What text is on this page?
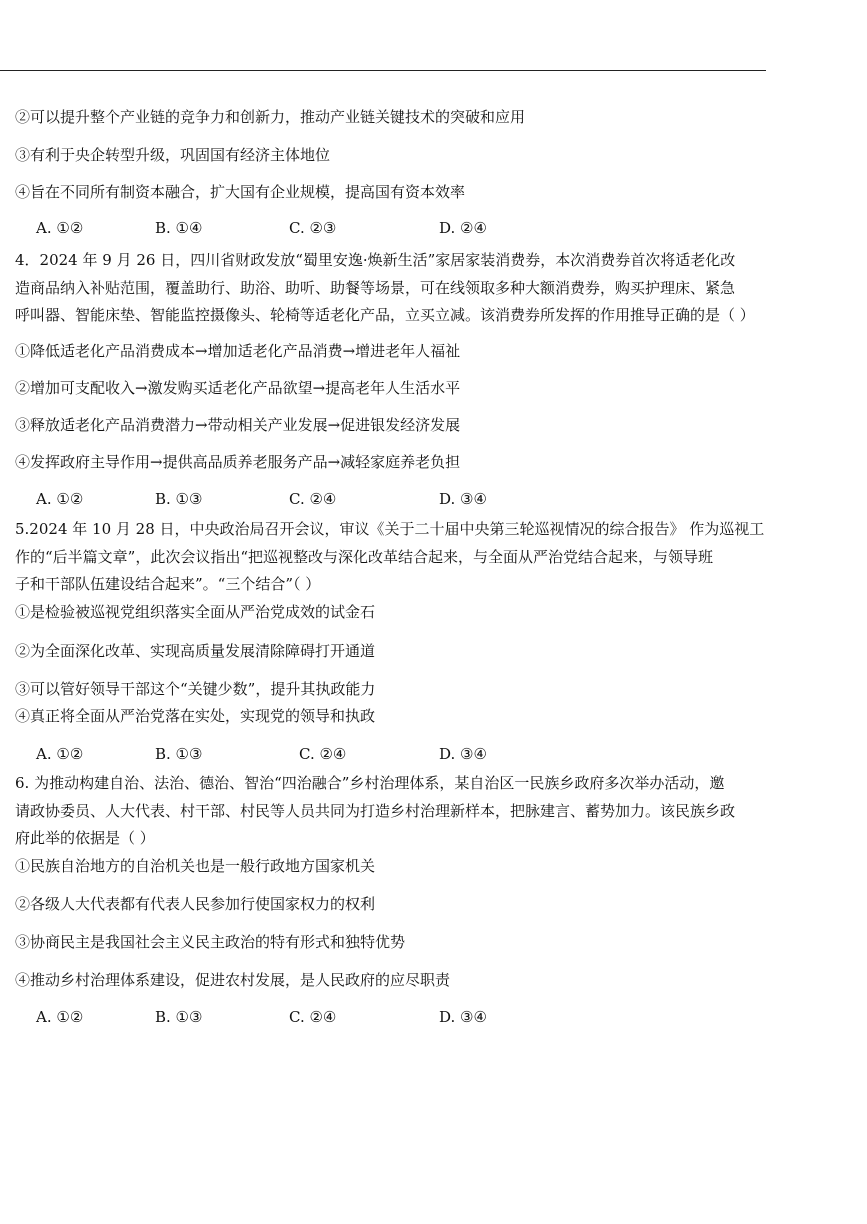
②可以提升整个产业链的竞争力和创新力，推动产业链关键技术的突破和应用
③有利于央企转型升级，巩固国有经济主体地位
④旨在不同所有制资本融合，扩大国有企业规模，提高国有资本效率
A. ①②	B. ①④	C. ②③	D. ②④
4．2024 年 9 月 26 日，四川省财政发放“蜀里安逸·焕新生活”家居家装消费券，本次消费券首次将适老化改
造商品纳入补贴范围，覆盖助行、助浴、助听、助餐等场景，可在线领取多种大额消费券，购买护理床、紧急
呼叫器、智能床垫、智能监控摄像头、轮椅等适老化产品，立买立减。该消费券所发挥的作用推导正确的是（ ）
①降低适老化产品消费成本→增加适老化产品消费→增进老年人福祉
②增加可支配收入→激发购买适老化产品欲望→提高老年人生活水平
③释放适老化产品消费潜力→带动相关产业发展→促进银发经济发展
④发挥政府主导作用→提供高品质养老服务产品→减轻家庭养老负担
A. ①②	B. ①③	C. ②④	D. ③④
5.2024 年 10 月 28 日，中央政治局召开会议，审议《关于二十届中央第三轮巡视情况的综合报告》 作为巡视工
作的“后半篇文章”，此次会议指出“把巡视整改与深化改革结合起来，与全面从严治党结合起来，与领导班
子和干部队伍建设结合起来”。“三个结合”（ ）
①是检验被巡视党组织落实全面从严治党成效的试金石
②为全面深化改革、实现高质量发展清除障碍打开通道
③可以管好领导干部这个“关键少数”，提升其执政能力
④真正将全面从严治党落在实处，实现党的领导和执政
A. ①②	B. ①③	C. ②④	D. ③④
6. 为推动构建自治、法治、德治、智治“四治融合”乡村治理体系，某自治区一民族乡政府多次举办活动，邀
请政协委员、人大代表、村干部、村民等人员共同为打造乡村治理新样本，把脉建言、蓄势加力。该民族乡政
府此举的依据是（ ）
①民族自治地方的自治机关也是一般行政地方国家机关
②各级人大代表都有代表人民参加行使国家权力的权利
③协商民主是我国社会主义民主政治的特有形式和独特优势
④推动乡村治理体系建设，促进农村发展，是人民政府的应尽职责
A. ①②	B. ①③	C. ②④	D. ③④
